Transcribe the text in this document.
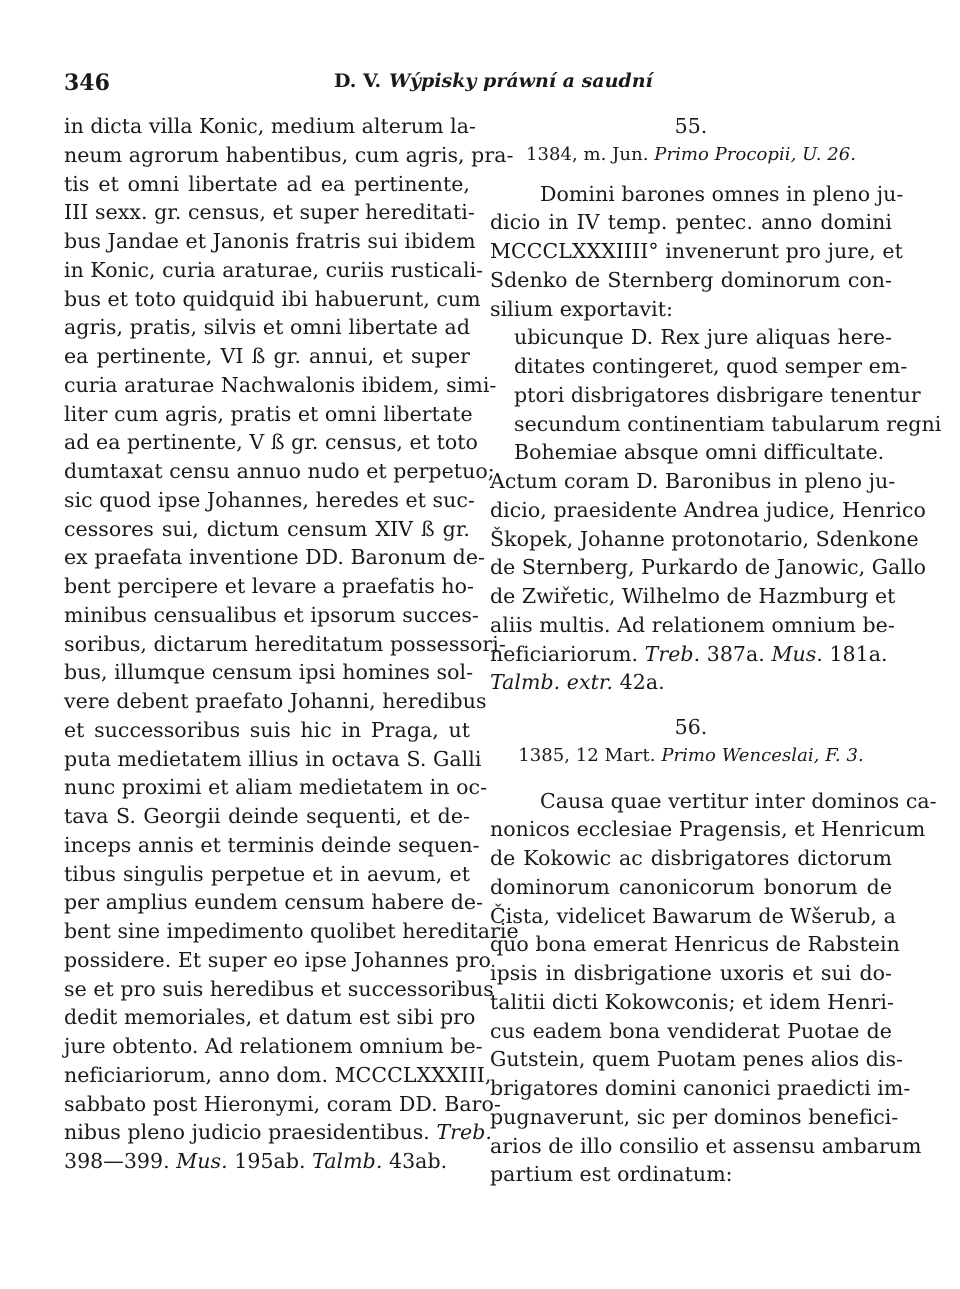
346	D. V. Wýpisky práwní a saudní
in dicta villa Konic, medium alterum la-
neum agrorum habentibus, cum agris, pra-
tis et omni libertate ad ea pertinente,
III sexx. gr. census, et super hereditati-
bus Jandae et Janonis fratris sui ibidem
in Konic, curia araturae, curiis rusticali-
bus et toto quidquid ibi habuerunt, cum
agris, pratis, silvis et omni libertate ad
ea pertinente, VI ß gr. annui, et super
curia araturae Nachwalonis ibidem, simi-
liter cum agris, pratis et omni libertate
ad ea pertinente, V ß gr. census, et toto
dumtaxat censu annuo nudo et perpetuo;
sic quod ipse Johannes, heredes et suc-
cessores sui, dictum censum XIV ß gr.
ex praefata inventione DD. Baronum de-
bent percipere et levare a praefatis ho-
minibus censualibus et ipsorum succes-
soribus, dictarum hereditatum possessori-
bus, illumque censum ipsi homines sol-
vere debent praefato Johanni, heredibus
et successoribus suis hic in Praga, ut
puta medietatem illius in octava S. Galli
nunc proximi et aliam medietatem in oc-
tava S. Georgii deinde sequenti, et de-
inceps annis et terminis deinde sequen-
tibus singulis perpetue et in aevum, et
per amplius eundem censum habere de-
bent sine impedimento quolibet hereditarie
possidere. Et super eo ipse Johannes pro
se et pro suis heredibus et successoribus
dedit memoriales, et datum est sibi pro
jure obtento. Ad relationem omnium be-
neficiariorum, anno dom. MCCCLXXXIII,
sabbato post Hieronymi, coram DD. Baro-
nibus pleno judicio praesidentibus. Treb.
398—399. Mus. 195ab. Talmb. 43ab.
55.
1384, m. Jun. Primo Procopii, U. 26.
Domini barones omnes in pleno ju-
dicio in IV temp. pentec. anno domini
MCCCLXXXIIII° invenerunt pro jure, et
Sdenko de Sternberg dominorum con-
silium exportavit:
ubicunque D. Rex jure aliquas here-
ditates contingeret, quod semper em-
ptori disbrigatores disbrigare tenentur
secundum continentiam tabularum regni
Bohemiae absque omni difficultate.
Actum coram D. Baronibus in pleno ju-
dicio, praesidente Andrea judice, Henrico
Škopek, Johanne protonotario, Sdenkone
de Sternberg, Purkardo de Janowic, Gallo
de Zwiřetic, Wilhelmo de Hazmburg et
aliis multis. Ad relationem omnium be-
neficiariorum. Treb. 387a. Mus. 181a.
Talmb. extr. 42a.
56.
1385, 12 Mart. Primo Wenceslai, F. 3.
Causa quae vertitur inter dominos ca-
nonicos ecclesiae Pragensis, et Henricum
de Kokowic ac disbrigatores dictorum
dominorum canonicorum bonorum de
Čista, videlicet Bawarum de Wšerub, a
quo bona emerat Henricus de Rabstein
ipsis in disbrigatione uxoris et sui do-
talitii dicti Kokowconis; et idem Henri-
cus eadem bona vendiderat Puotae de
Gutstein, quem Puotam penes alios dis-
brigatores domini canonici praedicti im-
pugnaverunt, sic per dominos benefici-
arios de illo consilio et assensu ambarum
partium est ordinatum:
